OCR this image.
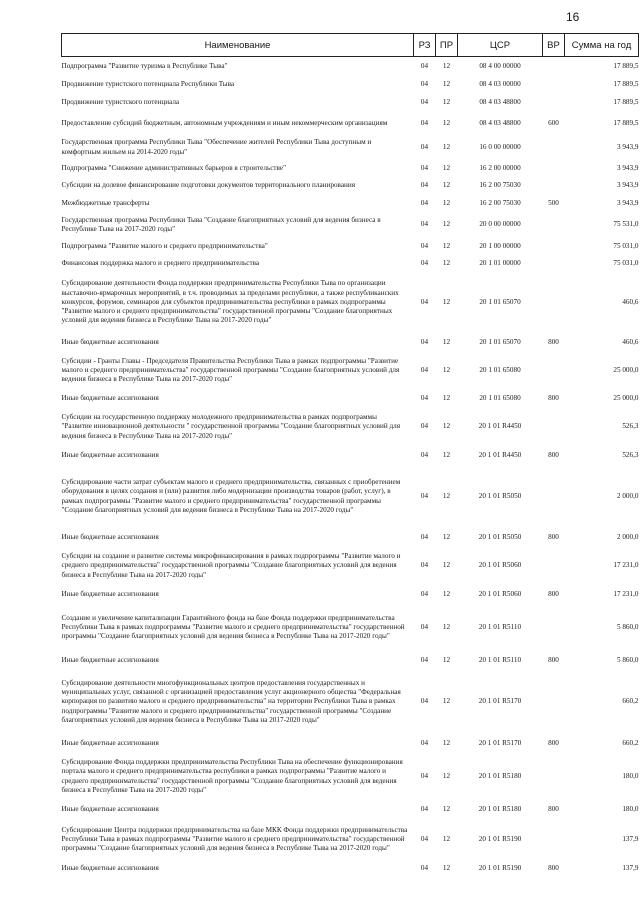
16
Наименование	РЗ	ПР	ЦСР	ВР	Сумма на год
Подпрограмма "Развитие туризма в Республике Тыва"	04	12	08 4 00 00000		17 889,5
Продвижение туристского потенциала Республики Тыва	04	12	08 4 03 00000		17 889,5
Продвижение туристского потенциала	04	12	08 4 03 48800		17 889,5
Предоставление субсидий бюджетным, автономным учреждениям и иным некоммерческим организациям	04	12	08 4 03 48800	600	17 889,5
Государственная программа Республики Тыва "Обеспечение жителей Республики Тыва доступным и комфортным жильем на 2014-2020 годы"	04	12	16 0 00 00000		3 943,9
Подпрограмма "Снижение административных барьеров в строительстве"	04	12	16 2 00 00000		3 943,9
Субсидии на долевое финансирование подготовки документов территориального планирования	04	12	16 2 00 75030		3 943,9
Межбюджетные трансферты	04	12	16 2 00 75030	500	3 943,9
Государственная программа Республики Тыва "Создание благоприятных условий для ведения бизнеса в Республике Тыва на 2017-2020 годы"	04	12	20 0 00 00000		75 531,0
Подпрограмма "Развитие малого и среднего предпринимательства"	04	12	20 1 00 00000		75 031,0
Финансовая поддержка малого и среднего предпринимательства	04	12	20 1 01 00000		75 031,0
Субсидирование деятельности Фонда поддержки предпринимательства Республики Тыва по организации выставочно-ярмарочных мероприятий, в т.ч. проводимых за пределами республики, а также республиканских конкурсов, форумов, семинаров для субъектов предпринимательства республики в рамках подпрограммы "Развитие малого и среднего предпринимательства" государственной программы "Создание благоприятных условий для ведения бизнеса в Республике Тыва на 2017-2020 годы"	04	12	20 1 01 65070		460,6
Иные бюджетные ассигнования	04	12	20 1 01 65070	800	460,6
Субсидии - Гранты Главы - Председателя Правительства Республики Тыва в рамках подпрограммы "Развитие малого и среднего предпринимательства" государственной программы "Создание благоприятных условий для ведения бизнеса в Республике Тыва на 2017-2020 годы"	04	12	20 1 01 65080		25 000,0
Иные бюджетные ассигнования	04	12	20 1 01 65080	800	25 000,0
Субсидии на государственную поддержку молодежного предпринимательства в рамках подпрограммы "Развитие инновационной деятельности " государственной программы "Создание благоприятных условий для ведения бизнеса в Республике Тыва на 2017-2020 годы"	04	12	20 1 01 R4450		526,3
Иные бюджетные ассигнования	04	12	20 1 01 R4450	800	526,3
Субсидирование части затрат субъектам малого и среднего предпринимательства, связанных с приобретением оборудования в целях создания и (или) развития либо модернизации производства товаров (работ, услуг), в рамках подпрограммы "Развитие малого и среднего предпринимательства" государственной программы "Создание благоприятных условий для ведения бизнеса в Республике Тыва на 2017-2020 годы"	04	12	20 1 01 R5050		2 000,0
Иные бюджетные ассигнования	04	12	20 1 01 R5050	800	2 000,0
Субсидии на создание и развитие системы микрофинансирования в рамках подпрограммы "Развитие малого и среднего предпринимательства" государственной программы "Создание благоприятных условий для ведения бизнеса в Республике Тыва на 2017-2020 годы"	04	12	20 1 01 R5060		17 231,0
Иные бюджетные ассигнования	04	12	20 1 01 R5060	800	17 231,0
Создание и увеличение капитализации Гарантийного фонда на базе Фонда поддержки предпринимательства Республики Тыва в рамках подпрограммы "Развитие малого и среднего предпринимательства" государственной программы "Создание благоприятных условий для ведения бизнеса в Республике Тыва на 2017-2020 годы"	04	12	20 1 01 R5110		5 860,0
Иные бюджетные ассигнования	04	12	20 1 01 R5110	800	5 860,0
Субсидирование деятельности многофункциональных центров предоставления государственных и муниципальных услуг, связанной с организацией предоставления услуг акционерного общества "Федеральная корпорация по развитию малого и среднего предпринимательства" на территории Республики Тыва в рамках подпрограммы "Развитие малого и среднего предпринимательства" государственной программы "Создание благоприятных условий для ведения бизнеса в Республике Тыва на 2017-2020 годы"	04	12	20 1 01 R5170		660,2
Иные бюджетные ассигнования	04	12	20 1 01 R5170	800	660,2
Субсидирование Фонда поддержки предпринимательства Республики Тыва на обеспечение функционирования портала малого и среднего предпринимательства республики в рамках подпрограммы "Развитие малого и среднего предпринимательства" государственной программы "Создание благоприятных условий для ведения бизнеса в Республике Тыва на 2017-2020 годы"	04	12	20 1 01 R5180		180,0
Иные бюджетные ассигнования	04	12	20 1 01 R5180	800	180,0
Субсидирование Центра поддержки предпринимательства на базе МКК Фонда поддержки предпринимательства Республики Тыва в рамках подпрограммы "Развитие малого и среднего предпринимательства" государственной программы "Создание благоприятных условий для ведения бизнеса в Республике Тыва на 2017-2020 годы"	04	12	20 1 01 R5190		137,9
Иные бюджетные ассигнования	04	12	20 1 01 R5190	800	137,9
